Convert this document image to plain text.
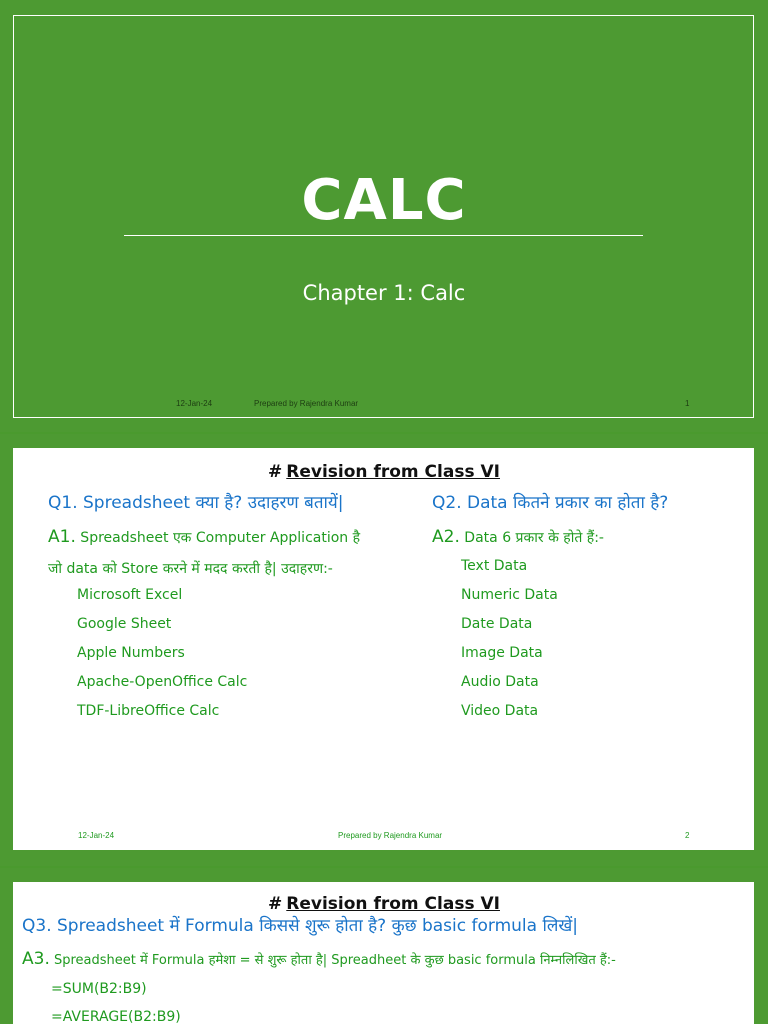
CALC
Chapter 1: Calc
12-Jan-24	Prepared by Rajendra Kumar	1
# Revision from Class VI
Q1. Spreadsheet क्या है? उदाहरण बतायें|
A1. Spreadsheet एक Computer Application है
जो data को Store करने में मदद करती है| उदाहरण:-
Microsoft Excel
Google Sheet
Apple Numbers
Apache-OpenOffice Calc
TDF-LibreOffice Calc
Q2. Data कितने प्रकार का होता है?
A2. Data 6 प्रकार के होते हैं:-
Text Data
Numeric Data
Date Data
Image Data
Audio Data
Video Data
12-Jan-24	Prepared by Rajendra Kumar	2
# Revision from Class VI
Q3. Spreadsheet में Formula किससे शुरू होता है? कुछ basic formula लिखें|
A3. Spreadsheet में Formula हमेशा = से शुरू होता है| Spreadheet के कुछ basic formula निम्नलिखित हैं:-
=SUM(B2:B9)
=AVERAGE(B2:B9)
